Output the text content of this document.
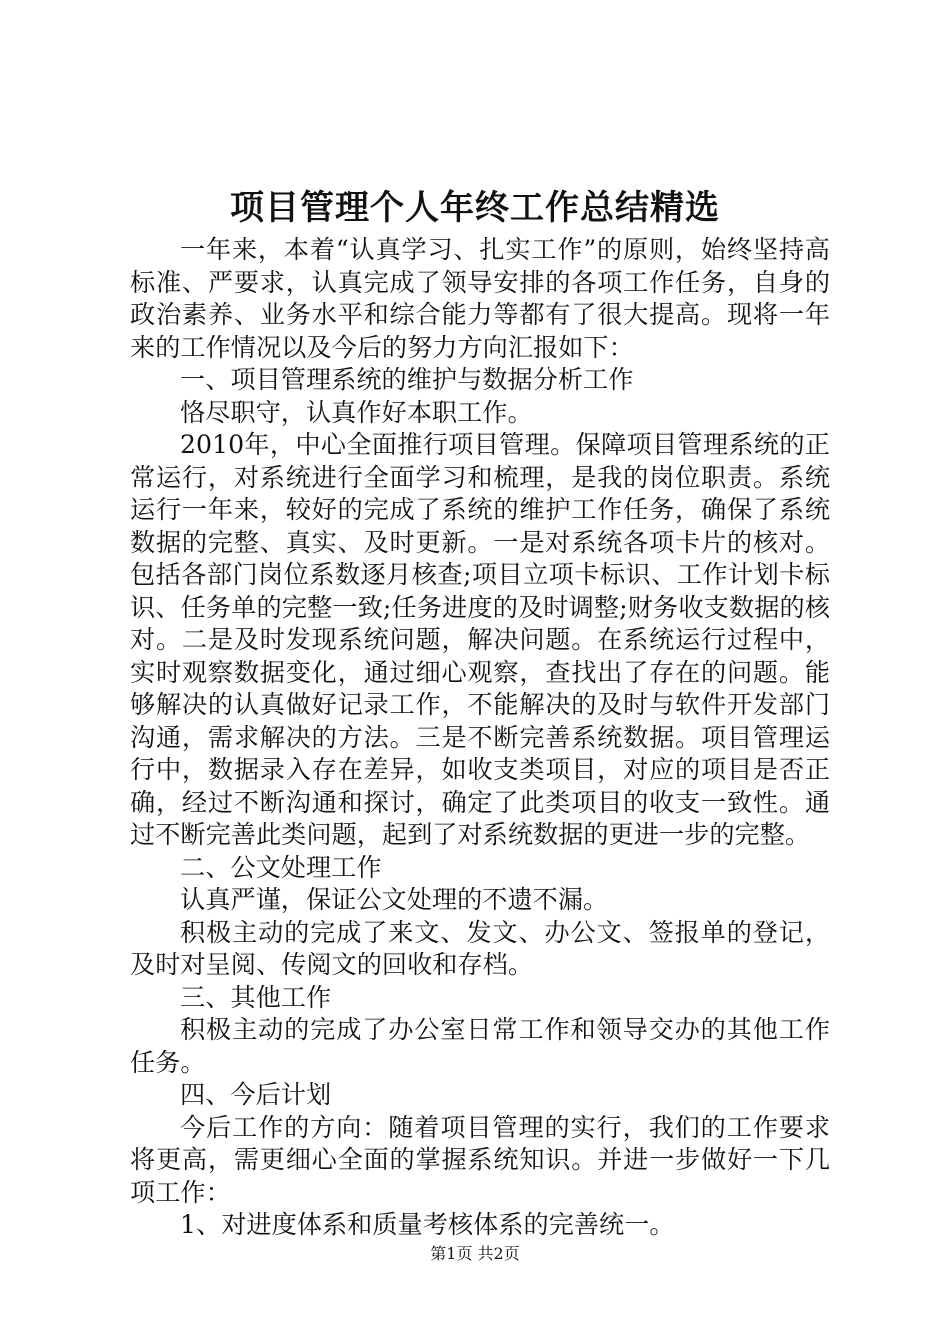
项目管理个人年终工作总结精选

一年来，本着“认真学习、扎实工作”的原则，始终坚持高标准、严要求，认真完成了领导安排的各项工作任务，自身的政治素养、业务水平和综合能力等都有了很大提高。现将一年来的工作情况以及今后的努力方向汇报如下：

一、项目管理系统的维护与数据分析工作

恪尽职守，认真作好本职工作。

2010年，中心全面推行项目管理。保障项目管理系统的正常运行，对系统进行全面学习和梳理，是我的岗位职责。系统运行一年来，较好的完成了系统的维护工作任务，确保了系统数据的完整、真实、及时更新。一是对系统各项卡片的核对。包括各部门岗位系数逐月核查;项目立项卡标识、工作计划卡标识、任务单的完整一致;任务进度的及时调整;财务收支数据的核对。二是及时发现系统问题，解决问题。在系统运行过程中，实时观察数据变化，通过细心观察，查找出了存在的问题。能够解决的认真做好记录工作，不能解决的及时与软件开发部门沟通，需求解决的方法。三是不断完善系统数据。项目管理运行中，数据录入存在差异，如收支类项目，对应的项目是否正确，经过不断沟通和探讨，确定了此类项目的收支一致性。通过不断完善此类问题，起到了对系统数据的更进一步的完整。

二、公文处理工作

认真严谨，保证公文处理的不遗不漏。

积极主动的完成了来文、发文、办公文、签报单的登记，及时对呈阅、传阅文的回收和存档。

三、其他工作

积极主动的完成了办公室日常工作和领导交办的其他工作任务。

四、今后计划

今后工作的方向：随着项目管理的实行，我们的工作要求将更高，需更细心全面的掌握系统知识。并进一步做好一下几项工作：

1、对进度体系和质量考核体系的完善统一。

第1页 共2页
